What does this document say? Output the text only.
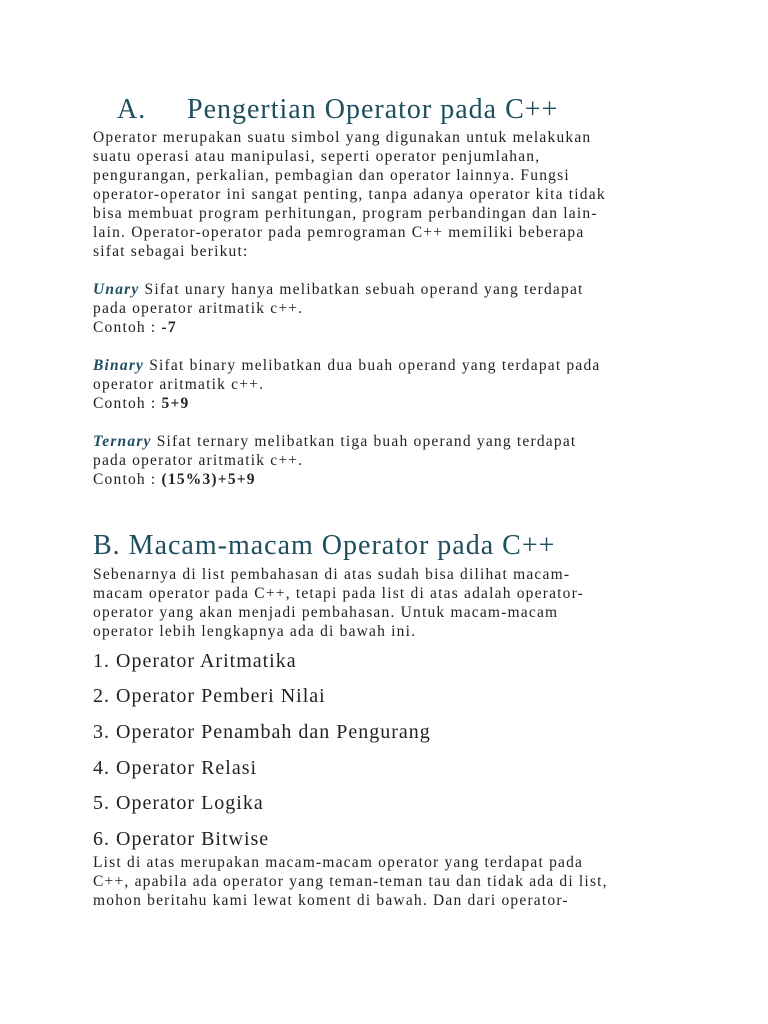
A. Pengertian Operator pada C++

Operator merupakan suatu simbol yang digunakan untuk melakukan
suatu operasi atau manipulasi, seperti operator penjumlahan,
pengurangan, perkalian, pembagian dan operator lainnya. Fungsi
operator-operator ini sangat penting, tanpa adanya operator kita tidak
bisa membuat program perhitungan, program perbandingan dan lain-
lain. Operator-operator pada pemrograman C++ memiliki beberapa
sifat sebagai berikut:

Unary Sifat unary hanya melibatkan sebuah operand yang terdapat
pada operator aritmatik c++.
Contoh : -7

Binary Sifat binary melibatkan dua buah operand yang terdapat pada
operator aritmatik c++.
Contoh : 5+9

Ternary Sifat ternary melibatkan tiga buah operand yang terdapat
pada operator aritmatik c++.
Contoh : (15%3)+5+9

B. Macam-macam Operator pada C++

Sebenarnya di list pembahasan di atas sudah bisa dilihat macam-
macam operator pada C++, tetapi pada list di atas adalah operator-
operator yang akan menjadi pembahasan. Untuk macam-macam
operator lebih lengkapnya ada di bawah ini.

1. Operator Aritmatika
2. Operator Pemberi Nilai
3. Operator Penambah dan Pengurang
4. Operator Relasi
5. Operator Logika
6. Operator Bitwise

List di atas merupakan macam-macam operator yang terdapat pada
C++, apabila ada operator yang teman-teman tau dan tidak ada di list,
mohon beritahu kami lewat koment di bawah. Dan dari operator-
